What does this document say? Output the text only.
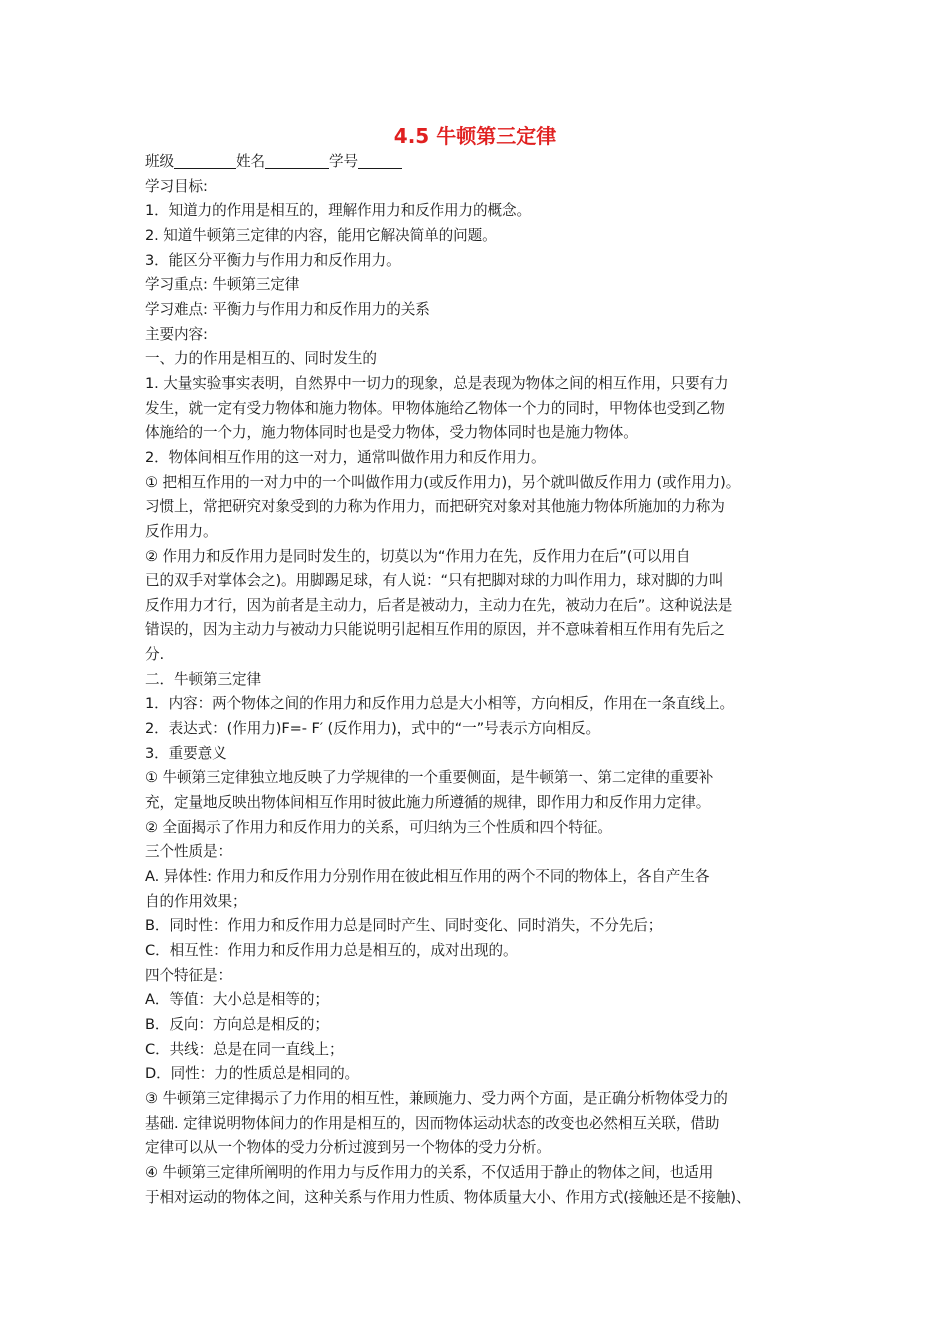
4.5 牛顿第三定律

班级	姓名	学号

学习目标:

1．知道力的作用是相互的，理解作用力和反作用力的概念。

2. 知道牛顿第三定律的内容，能用它解决简单的问题。

3．能区分平衡力与作用力和反作用力。

学习重点: 牛顿第三定律

学习难点: 平衡力与作用力和反作用力的关系

主要内容:

一、力的作用是相互的、同时发生的

1. 大量实验事实表明，自然界中一切力的现象，总是表现为物体之间的相互作用，只要有力

发生，就一定有受力物体和施力物体。甲物体施给乙物体一个力的同时，甲物体也受到乙物

体施给的一个力，施力物体同时也是受力物体，受力物体同时也是施力物体。

2．物体间相互作用的这一对力，通常叫做作用力和反作用力。

① 把相互作用的一对力中的一个叫做作用力(或反作用力)，另个就叫做反作用力 (或作用力)。

习惯上，常把研究对象受到的力称为作用力，而把研究对象对其他施力物体所施加的力称为

反作用力。

② 作用力和反作用力是同时发生的，切莫以为“作用力在先，反作用力在后”(可以用自

已的双手对掌体会之)。用脚踢足球，有人说：“只有把脚对球的力叫作用力，球对脚的力叫

反作用力才行，因为前者是主动力，后者是被动力，主动力在先，被动力在后”。这种说法是

错误的，因为主动力与被动力只能说明引起相互作用的原因，并不意味着相互作用有先后之

分.

二．牛顿第三定律

1．内容：两个物体之间的作用力和反作用力总是大小相等，方向相反，作用在一条直线上。

2．表达式：(作用力)F=- F′ (反作用力)，式中的“一”号表示方向相反。

3．重要意义

① 牛顿第三定律独立地反映了力学规律的一个重要侧面，是牛顿第一、第二定律的重要补

充，定量地反映出物体间相互作用时彼此施力所遵循的规律，即作用力和反作用力定律。

② 全面揭示了作用力和反作用力的关系，可归纳为三个性质和四个特征。

三个性质是：

A. 异体性: 作用力和反作用力分别作用在彼此相互作用的两个不同的物体上，各自产生各

自的作用效果；

B．同时性：作用力和反作用力总是同时产生、同时变化、同时消失，不分先后；

C．相互性：作用力和反作用力总是相互的，成对出现的。

四个特征是：

A．等值：大小总是相等的；

B．反向：方向总是相反的；

C．共线：总是在同一直线上；

D．同性：力的性质总是相同的。

③ 牛顿第三定律揭示了力作用的相互性，兼顾施力、受力两个方面，是正确分析物体受力的

基础. 定律说明物体间力的作用是相互的，因而物体运动状态的改变也必然相互关联，借助

定律可以从一个物体的受力分析过渡到另一个物体的受力分析。

④ 牛顿第三定律所阐明的作用力与反作用力的关系，不仅适用于静止的物体之间，也适用

于相对运动的物体之间，这种关系与作用力性质、物体质量大小、作用方式(接触还是不接触)、
